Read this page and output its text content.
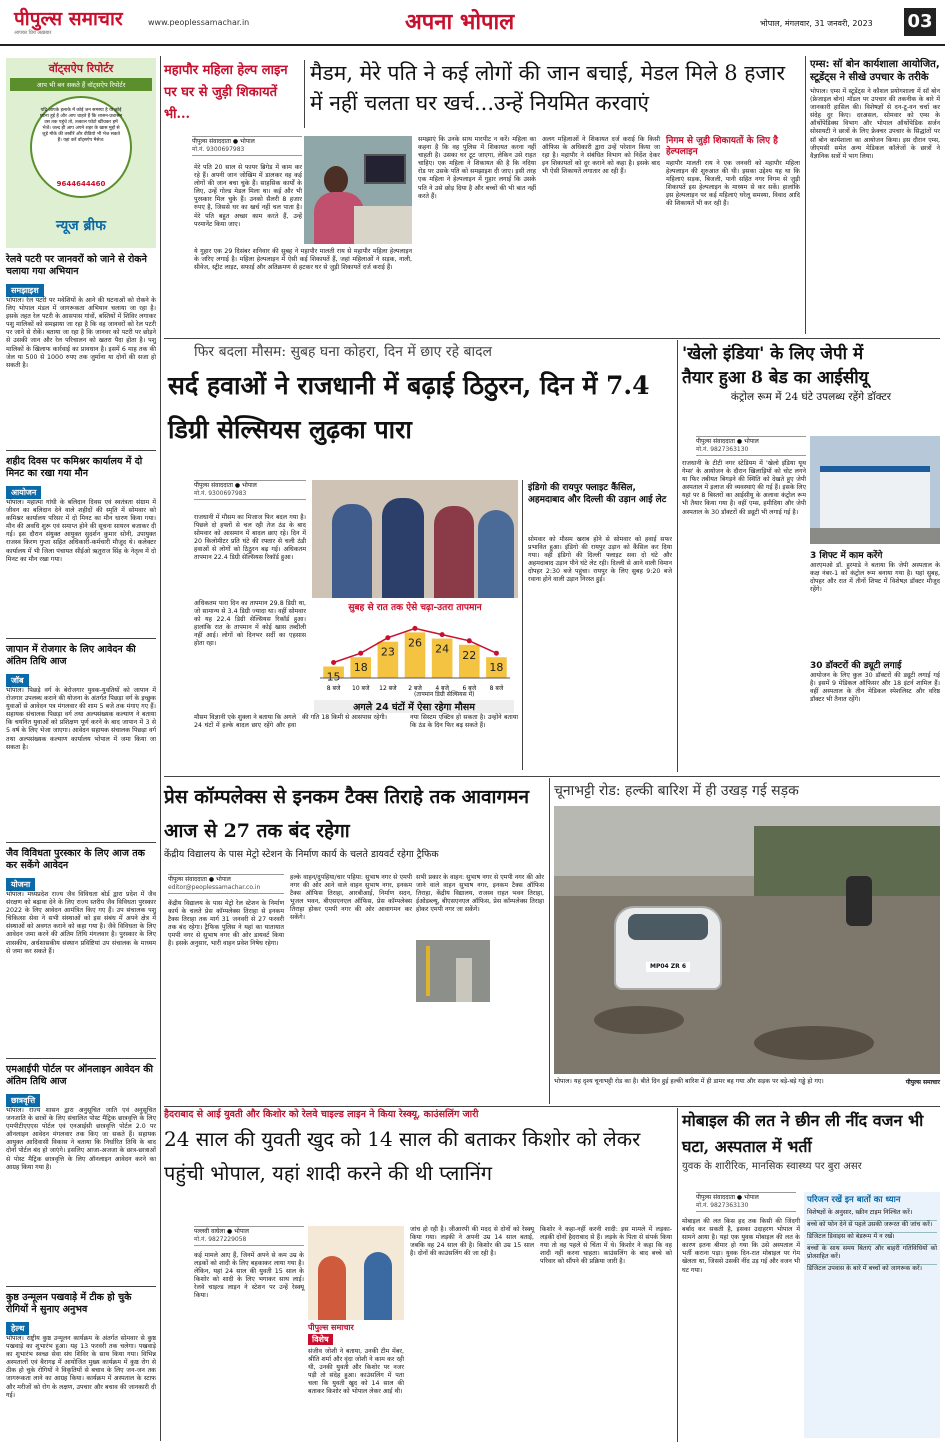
पीपुल्स समाचार
आपका प्रिय अख़बार
www.peoplessamachar.in	अपना भोपाल	भोपाल, मंगलवार, 31 जनवरी, 2023 03
वॉट्सऐप रिपोर्टर
आप भी बन सकते हैं वॉट्सऐप रिपोर्टर
यदि आपके इलाके में कोई जन समस्या है या कोई घटना हुई है और आप चाहते हैं कि शासन-प्रशासन उस तक पहुंचे तो, तत्काल फोटो खींचकर हमें भेजें। जल्द ही आप अपने शहर के खास मुद्दों से जुड़े मौके की तस्वीरें और वीडियो भी भेज सकते हैं। यहां करें वॉट्सऐप मैसेज:
9644644460
न्यूज ब्रीफ
रेलवे पटरी पर जानवरों को जाने से रोकने चलाया गया अभियान
समझाइश
भोपाल। रेल पटरी पर मवेशियों के आने की घटनाओं को रोकने के लिए भोपाल मंडल में जागरूकता अभियान चलाया जा रहा है। इसके तहत रेल पटरी के आसपास गांवों, बस्तियों में शिविर लगाकर पशु मालिकों को समझाया जा रहा है कि वह जानवरों को रेल पटरी पर जाने से रोकें। बताया जा रहा है कि जानवर को पटरी पर छोड़ने से उसकी जान और रेल परिचालन को खतरा पैदा होता है। पशु मालिकों के खिलाफ कार्रवाई का प्रावधान है। इसमें 6 माह तक की जेल या 500 से 1000 रुपए तक जुर्माना या दोनों की सजा हो सकती है।
शहीद दिवस पर कमिश्नर कार्यालय में दो मिनट का रखा गया मौन
आयोजन
भोपाल। महात्मा गांधी के बलिदान दिवस एवं स्वतंत्रता संग्राम में जीवन का बलिदान देने वाले शहीदों की स्मृति में सोमवार को कमिश्नर कार्यालय परिसर में दो मिनट का मौन धारण किया गया। मौन की अवधि शुरू एवं समाप्त होने की सूचना सायरन बजाकर दी गई। इस दौरान संयुक्त आयुक्त सुदर्शन कुमार सोनी, उपायुक्त राजस्व किरण गुप्ता सहित अधिकारी-कर्मचारी मौजूद थे। कलेक्टर कार्यालय में भी जिला पंचायत सीईओ ऋतुराज सिंह के नेतृत्व में दो मिनट का मौन रखा गया।
जापान में रोजगार के लिए आवेदन की अंतिम तिथि आज
जॉब
भोपाल। पिछड़े वर्ग के बेरोजगार युवक-युवतियों को जापान में रोजगार उपलब्ध कराने की योजना के अंतर्गत पिछड़ा वर्ग के इच्छुक युवाओं से आवेदन पत्र मंगलवार की शाम 5 बजे तक मंगाए गए हैं। सहायक संचालक पिछड़ा वर्ग तथा अल्पसंख्यक कल्याण ने बताया कि चयनित युवाओं को प्रशिक्षण पूर्ण करने के बाद जापान में 3 से 5 वर्ष के लिए भेजा जाएगा। आवेदन सहायक संचालक पिछड़ा वर्ग तथा अल्पसंख्यक कल्याण कार्यालय भोपाल में जमा किया जा सकता है।
जैव विविधता पुरस्कार के लिए आज तक कर सकेंगे आवेदन
योजना
भोपाल। मध्यप्रदेश राज्य जैव विविधता बोर्ड द्वारा प्रदेश में जैव संरक्षण को बढ़ावा देने के लिए राज्य स्तरीय जैव विविधता पुरस्कार 2022 के लिए आवेदन आमंत्रित किए गए हैं। उप संचालक पशु चिकित्सा सेवा ने सभी संस्थाओं को इस संबंध में अपने क्षेत्र में संस्थाओं को अवगत कराने को कहा गया है। जैवे विविधता के लिए आवेदन जमा करने की अंतिम तिथि मंगलवार है। पुरस्कार के लिए शासकीय, अर्धशासकीय संस्थान प्रविष्टियां उप संचालक के माध्यम से जमा कर सकते हैं।
एमआईपी पोर्टल पर ऑनलाइन आवेदन की अंतिम तिथि आज
छात्रवृत्ति
भोपाल। राज्य शासन द्वारा अनुसूचित जाति एवं अनुसूचित जनजाति के छात्रों के लिए संचालित पोस्ट मैट्रिक छात्रवृत्ति के लिए एमपीटीएएएस पोर्टल एवं एनआईसी छात्रवृत्ति पोर्टल 2.0 पर ऑनलाइन आवेदन मंगलवार तक किए जा सकते हैं। सहायक आयुक्त आदिवासी विकास ने बताया कि निर्धारित तिथि के बाद दोनों पोर्टल बंद हो जाएंगे। इसलिए आजा-अजजा के छात्र-छात्राओं से पोस्ट मैट्रिक छात्रवृत्ति के लिए ऑनलाइन आवेदन करने का आग्रह किया गया है।
कुष्ठ उन्मूलन पखवाड़े में टीक हो चुके रोगियों ने सुनाए अनुभव
हेल्थ
भोपाल। राष्ट्रीय कुष्ठ उन्मूलन कार्यक्रम के अंतर्गत सोमवार से कुष्ठ पखवाड़े का शुभारंभ हुआ। यह 13 फरवरी तक चलेगा। पखवाड़े का शुभारंभ स्वच्छ सेवा संघ शिविर के साथ किया गया। विभिन्न अस्पतालों एवं बैरागढ़ में आयोजित मुख्य कार्यक्रम में कुष्ठ रोग से ठीक हो चुके रोगियों ने विकृतियों से बचाव के लिए जन-जन तक जागरूकता लाने का आग्रह किया। कार्यक्रम में अस्पताल के स्टाफ और मरीजों को रोग के लक्षण, उपचार और बचाव की जानकारी दी गई।
महापौर महिला हेल्प लाइन पर घर से जुड़ी शिकायतें भी...
मैडम, मेरे पति ने कई लोगों की जान बचाई, मेडल मिले 8 हजार में नहीं चलता घर खर्च...उन्हें नियमित करवाएं
पीपुल्स संवाददाता ● भोपाल
मो.नं. 9300697983
मेरे पति 20 साल से फायर ब्रिगेड में काम कर रहे हैं। अपनी जान जोखिम में डालकर वह कई लोगों की जान बचा चुके हैं। साहसिक कार्यों के लिए, उन्हें गोल्ड मेडल मिला था। कई और भी पुरस्कार मिल चुके हैं। उनको सैलरी 8 हजार रुपए है, जिससे घर का खर्च नहीं चल पाता है। मेरे पति बहुत अच्छा काम करते हैं, उन्हें परमानेंट किया जाए।
ये गुहार एक 29 दिसंबर शनिवार की सुबह ने महापौर मालती राय से महापौर महिला हेल्पलाइन के जरिए लगाई है। महिला हेल्पलाइन में ऐसी कई शिकायतें हैं, जहां महिलाओं ने सड़क, नाली, सीवेज, स्ट्रीट लाइट, सफाई और अतिक्रमण से हटकर घर से जुड़ी शिकायतें दर्ज कराई हैं।
समझाएं कि उनके साथ मारपीट न करें। महिला का कहना है कि वह पुलिस में शिकायत करना नहीं चाहती है। उसका घर टूट जाएगा, लेकिन उसे राहत चाहिए। एक महिला ने शिकायत की है कि नदिया रोड पर उसके पति को समझाइश दी जाए। इसी तरह एक महिला ने हेल्पलाइन में गुहार लगाई कि उसके पति ने उसे छोड़ दिया है और बच्चों की भी बात नहीं करते हैं।
अलग महिलाओं ने शिकायत दर्ज कराई कि किसी ऑफिस के अधिकारी द्वारा उन्हें परेशान किया जा रहा है। महापौर ने संबंधित विभाग को निर्देश देकर इन शिकायतों को दूर कराने को कहा है। इसके बाद भी ऐसी शिकायतें लगातार आ रही हैं।
निगम से जुड़ी शिकायतों के लिए है हेल्पलाइन
महापौर मालती राय ने एक जनवरी को महापौर महिला हेल्पलाइन की शुरुआत की थी। इसका उद्देश्य यह था कि महिलाएं सड़क, बिजली, पानी सहित नगर निगम से जुड़ी शिकायतें इस हेल्पलाइन के माध्यम से कर सकें। हालांकि इस हेल्पलाइन पर कई महिलाएं घरेलू समस्या, विवाद आदि की शिकायतें भी कर रही हैं।
एम्स: सॉ बोन कार्यशाला आयोजित, स्टूडेंट्स ने सीखे उपचार के तरीके
भोपाल। एम्स में स्टूडेंट्स ने कौशल प्रयोगशाला में सॉ बोन (फ्रेजाइल बोन) मॉडल पर उपचार की तकनीक के बारे में जानकारी हासिल की। विशेषज्ञों से दन-टू-वन चर्चा कर संदेह दूर किए। दरअसल, सोमवार को एम्स के ऑर्थोपेडिक्स विभाग और भोपाल ऑर्थोपेडिक सर्जन सोसायटी ने छात्रों के लिए फ्रेक्चर उपचार के सिद्धांतों पर सॉ बोन कार्यशाला का आयोजन किया। इस दौरान एम्स, जीएमसी समेत अन्य मेडिकल कॉलेजों के छात्रों ने वैज्ञानिक सत्रों में भाग लिया।
फिर बदला मौसम: सुबह घना कोहरा, दिन में छाए रहे बादल
सर्द हवाओं ने राजधानी में बढ़ाई ठिठुरन, दिन में 7.4 डिग्री सेल्सियस लुढ़का पारा
पीपुल्स संवाददाता ● भोपाल
मो.नं. 9300697983
राजधानी में मौसम का मिजाज फिर बदल गया है। पिछले दो हफ्तों से चल रही तेज ठंड के बाद सोमवार को आसमान में बादल छाए रहे। दिन में 20 किलोमीटर प्रति घंटे की रफ्तार से चली ठंडी हवाओं से लोगों को ठिठुरन बढ़ गई। अधिकतम तापमान 22.4 डिग्री सेल्सियस रिकॉर्ड हुआ।
अधिकतम पारा दिन का तापमान 29.8 डिग्री था, जो सामान्य से 3.4 डिग्री ज्यादा था। वहीं सोमवार को यह 22.4 डिग्री सेल्सियस रिकॉर्ड हुआ। हालांकि रात के तापमान में कोई खास तब्दीली नहीं आई। लोगों को दिनभर सर्दी का एहसास होता रहा।
सुबह से रात तक ऐसे चढ़ा-उतरा तापमान
15
8 बजे
18
10 बजे
23
12 बजे
26
2 बजे
24
4 बजे
22
6 बजे
18
8 बजे
(तापमान डिग्री सेल्सियस में)
अगले 24 घंटों में ऐसा रहेगा मौसम
मौसम विज्ञानी एके शुक्ला ने बताया कि अगले 24 घंटों में हल्के बादल छाए रहेंगे और हवा की गति 18 किमी से आसपास रहेगी।	नया सिस्टम एक्टिव हो सकता है। उन्होंने बताया कि ठंड के दिन फिर बढ़ सकते हैं।
इंडिगो की रायपुर फ्लाइट कैंसिल, अहमदाबाद और दिल्ली की उड़ान आई लेट
सोमवार को मौसम खराब होने से सोमवार को हवाई सफर प्रभावित हुआ। इंडिगो की रायपुर उड़ान को कैंसिल कर दिया गया। वहीं इंडिगो की दिल्ली फ्लाइट सवा दो घंटे और अहमदाबाद उड़ान पौने घंटे लेट रही। दिल्ली से आने वाली विमान दोपहर 2:30 बजे पहुंचा। रायपुर के लिए सुबह 9:20 बजे रवाना होने वाली उड़ान निरस्त हुई।
'खेलो इंडिया' के लिए जेपी में
तैयार हुआ 8 बेड का आईसीयू
कंट्रोल रूम में 24 घंटे उपलब्ध रहेंगे डॉक्टर
पीपुल्स संवाददाता ● भोपाल
मो.नं. 9827363130
राजधानी के टीटी नगर स्टेडियम में 'खेलो इंडिया यूथ गेम्स' के आयोजन के दौरान खिलाड़ियों को चोट लगने या फिर तबीयत बिगड़ने की स्थिति को देखते हुए जेपी अस्पताल में इलाज की व्यवस्थाएं की गई हैं। इसके लिए यहां पर 8 बिस्तरों का आईसीयू के अलावा कंट्रोल रूम भी तैयार किया गया है। वहीं एम्स, हमीदिया और जेपी अस्पताल के 30 डॉक्टरों की ड्यूटी भी लगाई गई है।
3 शिफ्ट में काम करेंगे
आरएमओ डॉ. हुरमाडे ने बताया कि जेपी अस्पताल के कक्ष नंबर-1 को कंट्रोल रूम बनाया गया है। यहां सुबह, दोपहर और रात में तीनों शिफ्ट में विशेषज्ञ डॉक्टर मौजूद रहेंगे।
30 डॉक्टरों की ड्यूटी लगाई
आयोजन के लिए कुल 30 डॉक्टरों की ड्यूटी लगाई गई है। इसमें 9 मेडिकल ऑफिसर और 18 इंटर्न शामिल हैं। वहीं अस्पताल के तीन मेडिकल स्पेशलिस्ट और वरिष्ठ डॉक्टर भी तैनात रहेंगे।
प्रेस कॉम्पलेक्स से इनकम टैक्स तिराहे तक आवागमन आज से 27 तक बंद रहेगा
केंद्रीय विद्यालय के पास मेट्रो स्टेशन के निर्माण कार्य के चलते डायवर्ट रहेगा ट्रैफिक
पीपुल्स संवाददाता ● भोपाल
editor@peoplessamachar.co.in
केंद्रीय विद्यालय के पास मेट्रो रेल स्टेशन के निर्माण कार्य के चलते प्रेस कॉम्पलेक्स तिराहा से इनकम टैक्स तिराहा तक मार्ग 31 जनवरी से 27 फरवरी तक बंद रहेगा। ट्रैफिक पुलिस ने यहां का यातायात एमपी नगर से सुभाष नगर की ओर डायवर्ट किया है। इसके अनुसार, भारी वाहन प्रवेश निषेध रहेगा।
हल्के वाहन/दुपहिया/चार पहिया: सुभाष नगर से एमपी नगर की ओर आने वाले वाहन सुभाष नगर, इनकम टैक्स ऑफिस तिराहा, आरबीआई, निर्माण सदन, भूजल भवन, बीएसएनएल ऑफिस, प्रेस कॉम्पलेक्स तिराहा होकर एमपी नगर की ओर आवागमन कर सकेंगे।
सभी प्रकार के वाहन: सुभाष नगर से एमपी नगर की ओर जाने वाले वाहन सुभाष नगर, इनकम टैक्स ऑफिस तिराहा, केंद्रीय विद्यालय, राजस्व राहत भवन तिराहा, ईओडब्ल्यू, बीएसएनएल ऑफिस, प्रेस कॉम्पलेक्स तिराहा होकर एमपी नगर जा सकेंगे।
चूनाभट्टी रोड: हल्की बारिश में ही उखड़ गई सड़क
MP04 ZR 6
भोपाल। यह दृश्य चूनाभट्टी रोड का है। बीते दिन हुई हल्की बारिश में ही डामर बह गया और सड़क पर बड़े-बड़े गड्ढे हो गए।	पीपुल्स समाचार
हैदराबाद से आई युवती और किशोर को रेलवे चाइल्ड लाइन ने किया रेस्क्यू, काउंसलिंग जारी
24 साल की युवती खुद को 14 साल की बताकर किशोर को लेकर पहुंची भोपाल, यहां शादी करने की थी प्लानिंग
पल्लवी वाघेला ● भोपाल
मो.नं. 9827229058
कई मामले आए हैं, जिनमें अपने से कम उम्र के लड़कों को शादी के लिए बहकाकर लाया गया है। लेकिन, यहां 24 साल की युवती 15 साल के किशोर को शादी के लिए भगाकर साथ लाई। रेलवे चाइल्ड लाइन ने स्टेशन पर उन्हें रेस्क्यू किया।
पीपुल्स समाचार
विशेष
संजीव जोशी ने बताया, उनकी टीम मेंबर, श्रीति शर्मा और वृंदा जोशी ने काम कर रही थी, उनकी युवती और किशोर पर नजर पड़ी तो संदेह हुआ। काउंसलिंग में पता चला कि युवती खुद को 14 साल की बताकर किशोर को भोपाल लेकर आई थी।
जांच हो रही है। जीआरपी की मदद से दोनों को रेस्क्यू किया गया। लड़की ने अपनी उम्र 14 साल बताई, जबकि वह 24 साल की है। किशोर की उम्र 15 साल है। दोनों की काउंसलिंग की जा रही है।
किशोर ने कहा-नहीं करनी शादी: इस मामले में लड़का-लड़की दोनों हैदराबाद से हैं। लड़के के पिता से संपर्क किया गया तो वह पहले से चिंता में थे। किशोर ने कहा कि वह शादी नहीं करना चाहता। काउंसलिंग के बाद बच्चे को परिवार को सौंपने की प्रक्रिया जारी है।
मोबाइल की लत ने छीन ली नींद वजन भी घटा, अस्पताल में भर्ती
युवक के शारीरिक, मानसिक स्वास्थ्य पर बुरा असर
पीपुल्स संवाददाता ● भोपाल
मो.नं. 9827363130
मोबाइल की लत किस हद तक किसी की जिंदगी बर्बाद कर सकती है, इसका उदाहरण भोपाल में सामने आया है। यहां एक युवक मोबाइल की लत के कारण इतना बीमार हो गया कि उसे अस्पताल में भर्ती कराना पड़ा। युवक दिन-रात मोबाइल पर गेम खेलता था, जिससे उसकी नींद उड़ गई और वजन भी घट गया।
परिजन रखें इन बातों का ध्यान
विशेषज्ञों के अनुसार, स्क्रीन टाइम निश्चित करें।
बच्चे को फोन देने से पहले उसकी जरूरत की जांच करें।
डिजिटल डिवाइस को बेडरूम में न रखें।
बच्चों के साथ समय बिताएं और बाहरी गतिविधियों को प्रोत्साहित करें।
डिजिटल उपवास के बारे में बच्चों को जागरूक करें।
